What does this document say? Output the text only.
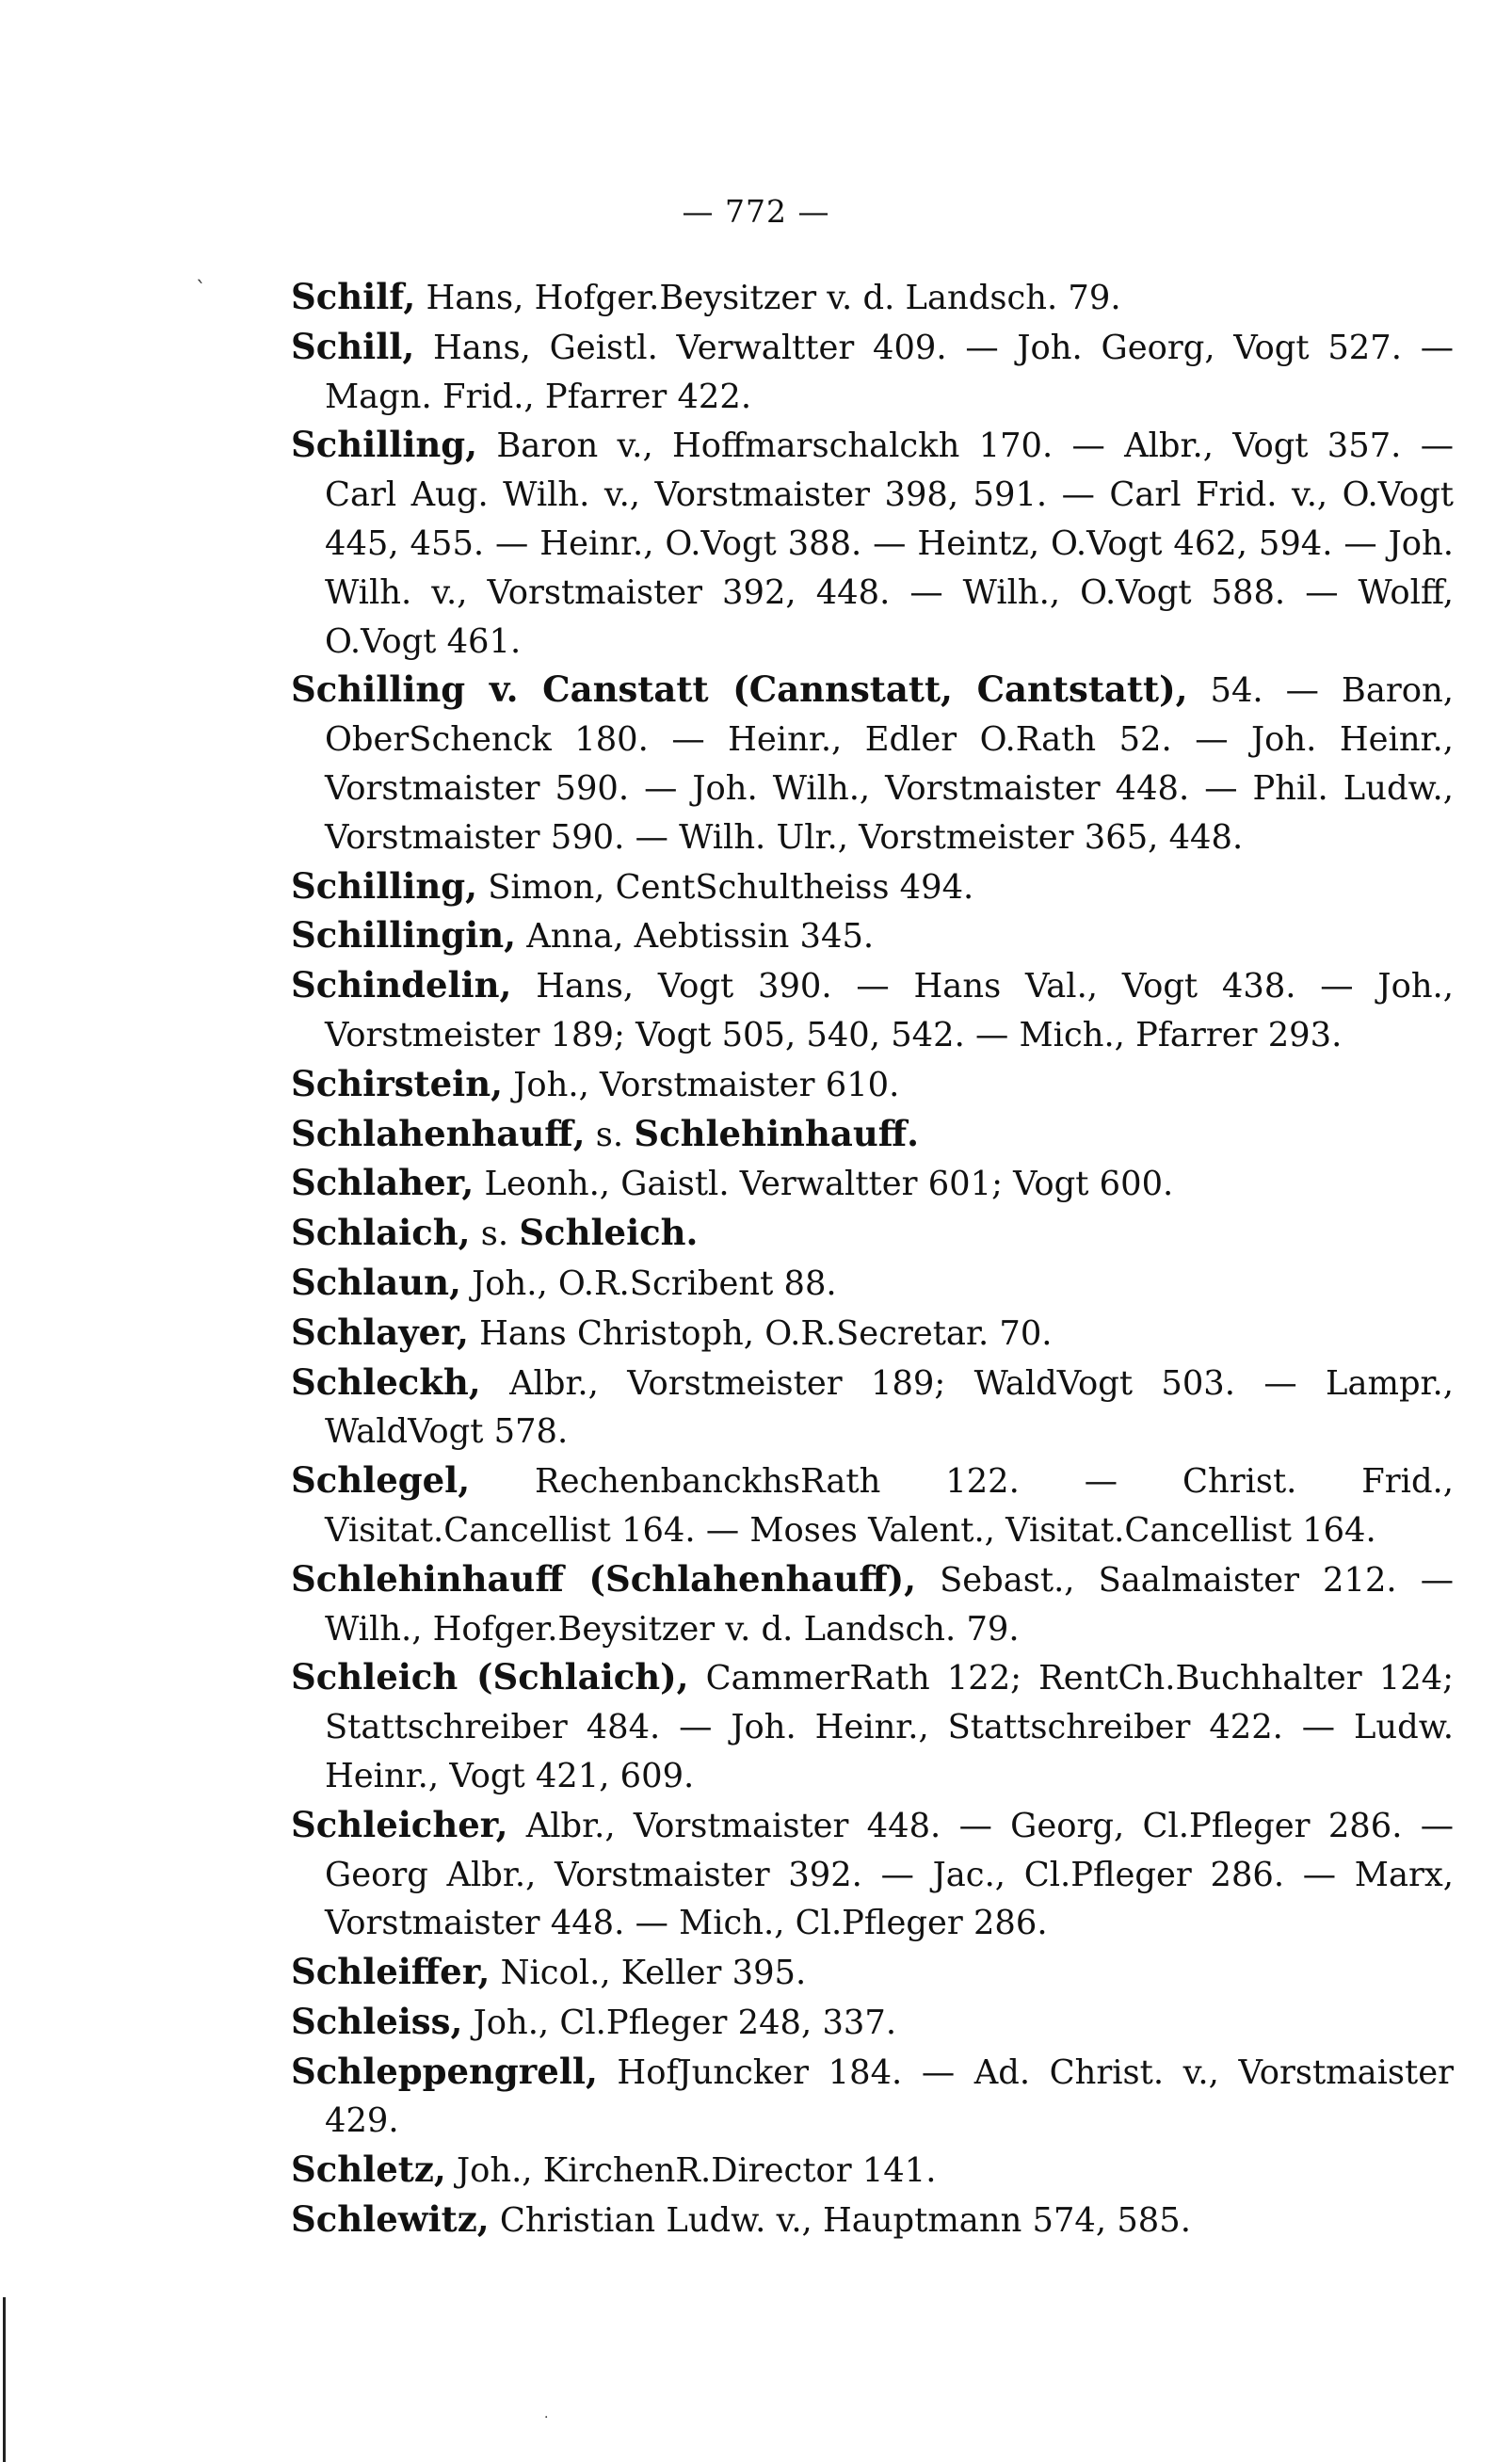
— 772 —

Schilf, Hans, Hofger.Beysitzer v. d. Landsch. 79.

Schill, Hans, Geistl. Verwaltter 409. — Joh. Georg, Vogt 527. — Magn. Frid., Pfarrer 422.

Schilling, Baron v., Hoffmarschalckh 170. — Albr., Vogt 357. — Carl Aug. Wilh. v., Vorstmaister 398, 591. — Carl Frid. v., O.Vogt 445, 455. — Heinr., O.Vogt 388. — Heintz, O.Vogt 462, 594. — Joh. Wilh. v., Vorstmaister 392, 448. — Wilh., O.Vogt 588. — Wolff, O.Vogt 461.

Schilling v. Canstatt (Cannstatt, Cantstatt), 54. — Baron, OberSchenck 180. — Heinr., Edler O.Rath 52. — Joh. Heinr., Vorstmaister 590. — Joh. Wilh., Vorstmaister 448. — Phil. Ludw., Vorstmaister 590. — Wilh. Ulr., Vorstmeister 365, 448.

Schilling, Simon, CentSchultheiss 494.

Schillingin, Anna, Aebtissin 345.

Schindelin, Hans, Vogt 390. — Hans Val., Vogt 438. — Joh., Vorstmeister 189; Vogt 505, 540, 542. — Mich., Pfarrer 293.

Schirstein, Joh., Vorstmaister 610.

Schlahenhauff, s. Schlehinhauff.

Schlaher, Leonh., Gaistl. Verwaltter 601; Vogt 600.

Schlaich, s. Schleich.

Schlaun, Joh., O.R.Scribent 88.

Schlayer, Hans Christoph, O.R.Secretar. 70.

Schleckh, Albr., Vorstmeister 189; WaldVogt 503. — Lampr., WaldVogt 578.

Schlegel, RechenbanckhsRath 122. — Christ. Frid., Visitat.Cancellist 164. — Moses Valent., Visitat.Cancellist 164.

Schlehinhauff (Schlahenhauff), Sebast., Saalmaister 212. — Wilh., Hofger.Beysitzer v. d. Landsch. 79.

Schleich (Schlaich), CammerRath 122; RentCh.Buchhalter 124; Stattschreiber 484. — Joh. Heinr., Stattschreiber 422. — Ludw. Heinr., Vogt 421, 609.

Schleicher, Albr., Vorstmaister 448. — Georg, Cl.Pfleger 286. — Georg Albr., Vorstmaister 392. — Jac., Cl.Pfleger 286. — Marx, Vorstmaister 448. — Mich., Cl.Pfleger 286.

Schleiffer, Nicol., Keller 395.

Schleiss, Joh., Cl.Pfleger 248, 337.

Schleppengrell, HofJuncker 184. — Ad. Christ. v., Vorstmaister 429.

Schletz, Joh., KirchenR.Director 141.

Schlewitz, Christian Ludw. v., Hauptmann 574, 585.

ˋ
·
